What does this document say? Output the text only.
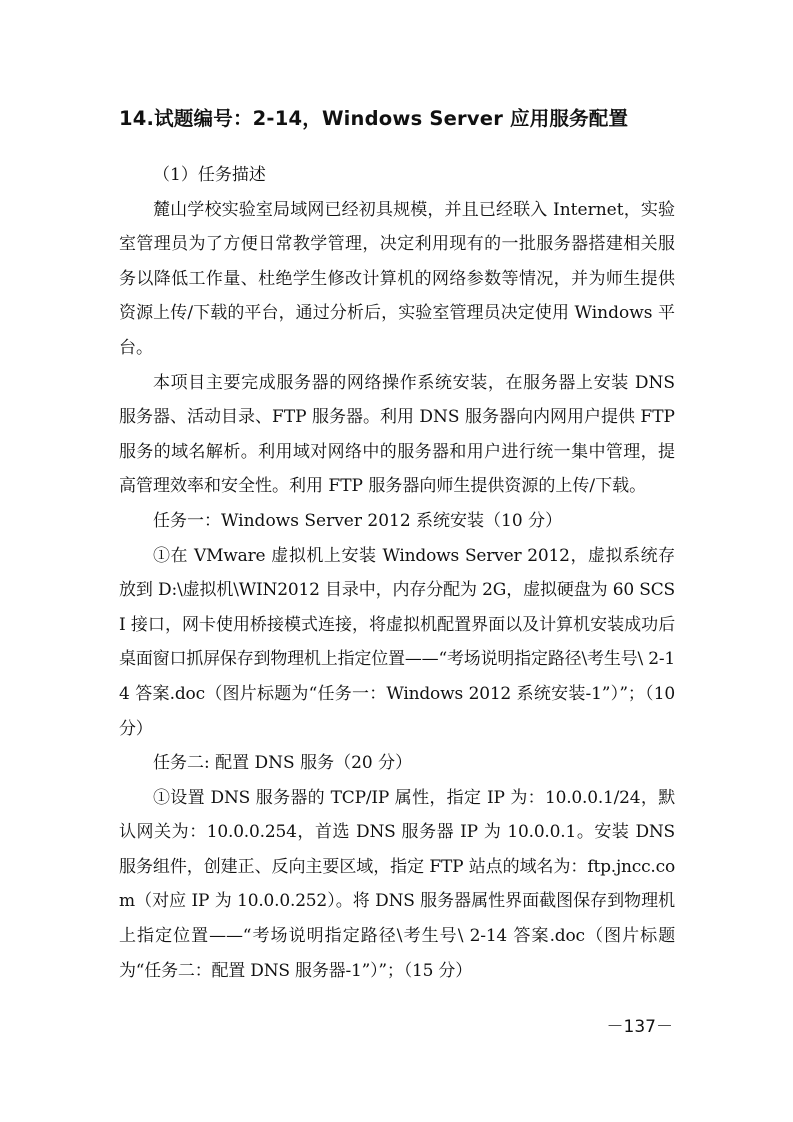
14.试题编号：2-14，Windows Server 应用服务配置

（1）任务描述

麓山学校实验室局域网已经初具规模，并且已经联入 Internet，实验室管理员为了方便日常教学管理，决定利用现有的一批服务器搭建相关服务以降低工作量、杜绝学生修改计算机的网络参数等情况，并为师生提供资源上传/下载的平台，通过分析后，实验室管理员决定使用 Windows 平台。

本项目主要完成服务器的网络操作系统安装，在服务器上安装 DNS 服务器、活动目录、FTP 服务器。利用 DNS 服务器向内网用户提供 FTP 服务的域名解析。利用域对网络中的服务器和用户进行统一集中管理，提高管理效率和安全性。利用 FTP 服务器向师生提供资源的上传/下载。

任务一：Windows Server 2012 系统安装（10 分）

①在 VMware 虚拟机上安装 Windows Server 2012，虚拟系统存放到 D:\虚拟机\WIN2012 目录中，内存分配为 2G，虚拟硬盘为 60 SCSI 接口，网卡使用桥接模式连接，将虚拟机配置界面以及计算机安装成功后桌面窗口抓屏保存到物理机上指定位置——“考场说明指定路径\考生号\ 2-14 答案.doc（图片标题为“任务一：Windows 2012 系统安装-1”）”；（10 分）

任务二: 配置 DNS 服务（20 分）

①设置 DNS 服务器的 TCP/IP 属性，指定 IP 为：10.0.0.1/24，默认网关为：10.0.0.254，首选 DNS 服务器 IP 为 10.0.0.1。安装 DNS 服务组件，创建正、反向主要区域，指定 FTP 站点的域名为：ftp.jncc.com（对应 IP 为 10.0.0.252）。将 DNS 服务器属性界面截图保存到物理机上指定位置——“考场说明指定路径\考生号\ 2-14 答案.doc（图片标题为“任务二：配置 DNS 服务器-1”）”；（15 分）

－137－
